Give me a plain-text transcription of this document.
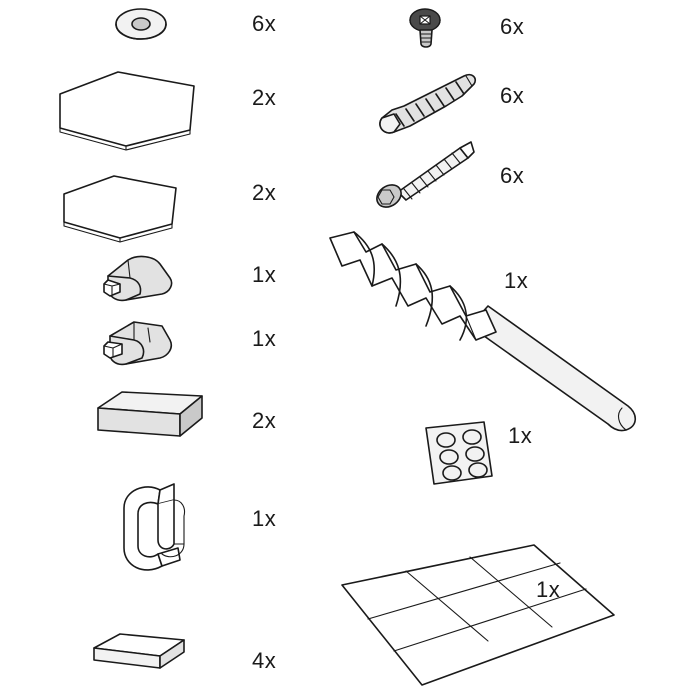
6x
2x
2x
1x
1x
2x
1x
4x
6x
6x
6x
1x
1x
1x
